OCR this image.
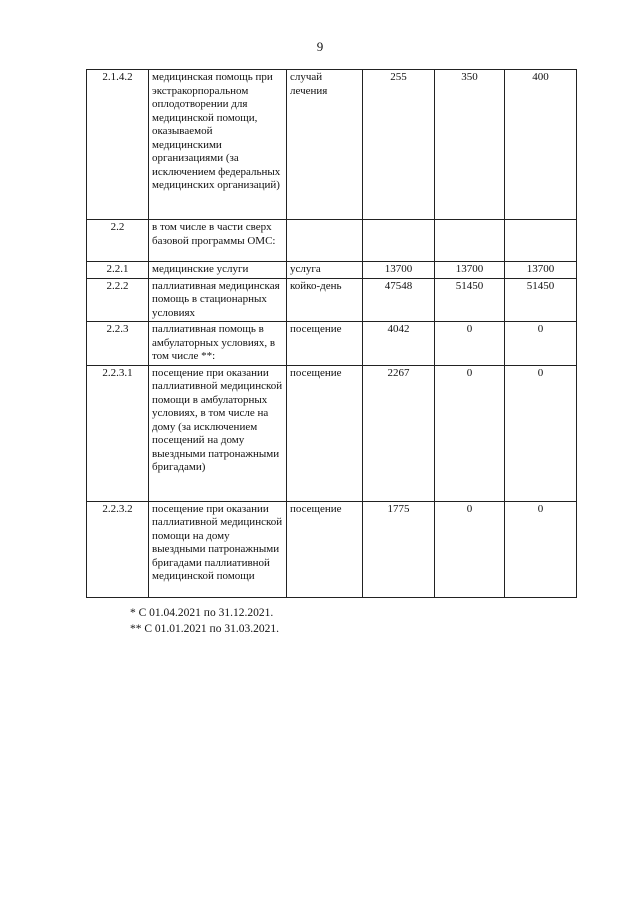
9
2.1.4.2	медицинская помощь при экстракорпоральном оплодотворении для медицинской помощи, оказываемой медицинскими организациями (за исключением федеральных медицинских организаций)	случай лечения	255	350	400
2.2	в том числе в части сверх базовой программы ОМС:				
2.2.1	медицинские услуги	услуга	13700	13700	13700
2.2.2	паллиативная медицинская помощь в стационарных условиях	койко-день	47548	51450	51450
2.2.3	паллиативная помощь в амбулаторных условиях, в том числе **:	посещение	4042	0	0
2.2.3.1	посещение при оказании паллиативной медицинской помощи в амбулаторных условиях, в том числе на дому (за исключением посещений на дому выездными патронажными бригадами)	посещение	2267	0	0
2.2.3.2	посещение при оказании паллиативной медицинской помощи на дому выездными патронажными бригадами паллиативной медицинской помощи	посещение	1775	0	0
* С 01.04.2021 по 31.12.2021.
** С 01.01.2021 по 31.03.2021.
